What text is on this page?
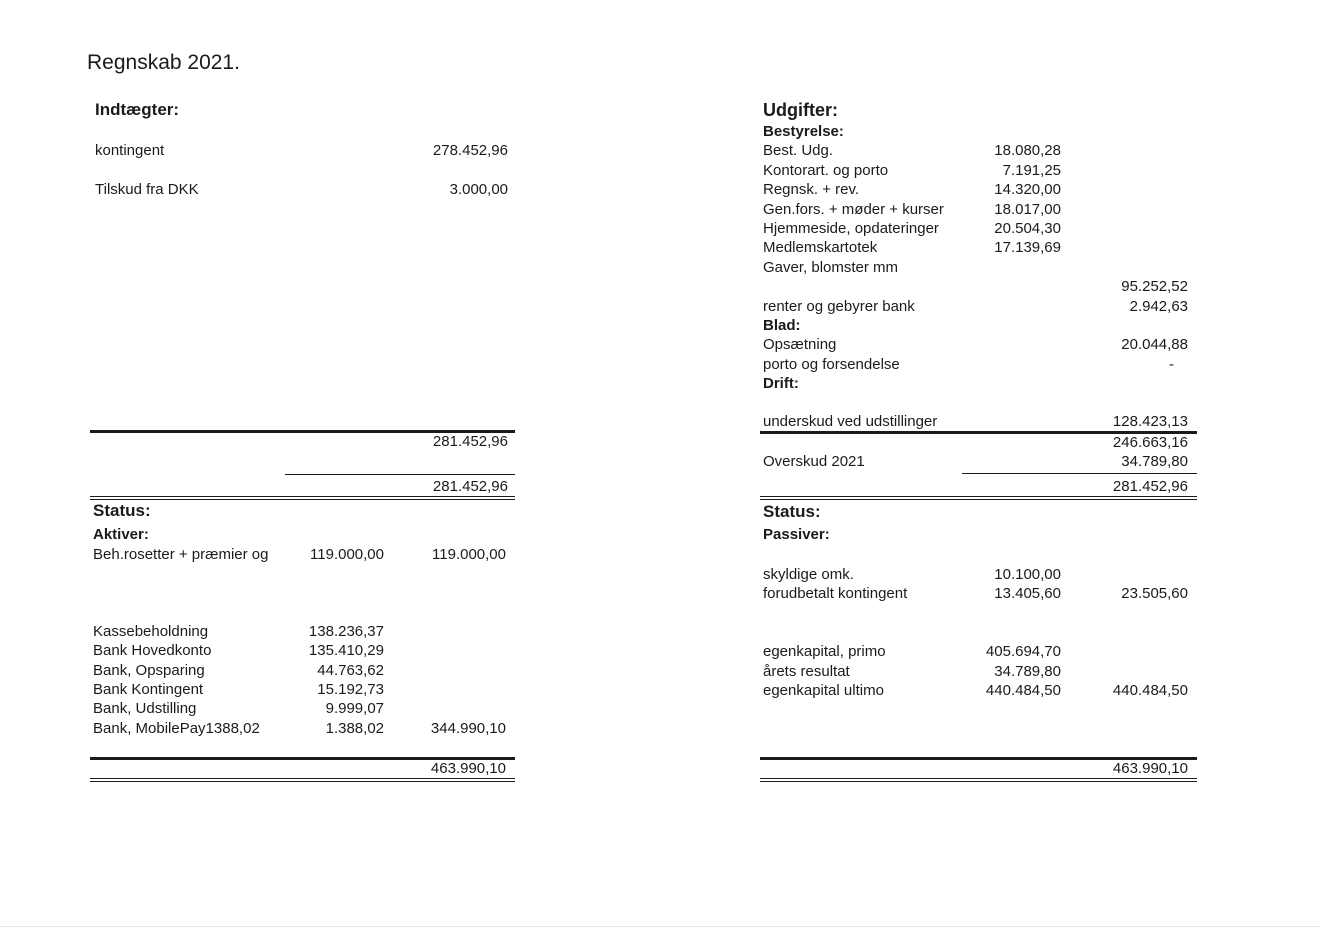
Regnskab 2021.
Indtægter:
kontingent	278.452,96
Tilskud fra DKK	3.000,00
281.452,96
281.452,96
Status:
Aktiver:
Beh.rosetter + præmier og	119.000,00	119.000,00
Kassebeholdning	138.236,37
Bank Hovedkonto	135.410,29
Bank, Opsparing	44.763,62
Bank Kontingent	15.192,73
Bank, Udstilling	9.999,07
Bank, MobilePay1388,02	1.388,02	344.990,10
463.990,10
Udgifter:
Bestyrelse:
Best. Udg.	18.080,28
Kontorart. og porto	7.191,25
Regnsk. + rev.	14.320,00
Gen.fors. + møder + kurser	18.017,00
Hjemmeside, opdateringer	20.504,30
Medlemskartotek	17.139,69
Gaver, blomster mm
95.252,52
renter og gebyrer bank	2.942,63
Blad:
Opsætning	20.044,88
porto og forsendelse	-
Drift:
underskud ved udstillinger	128.423,13
246.663,16
Overskud 2021	34.789,80
281.452,96
Status:
Passiver:
skyldige omk.	10.100,00
forudbetalt kontingent	13.405,60	23.505,60
egenkapital, primo	405.694,70
årets resultat	34.789,80
egenkapital ultimo	440.484,50	440.484,50
463.990,10
